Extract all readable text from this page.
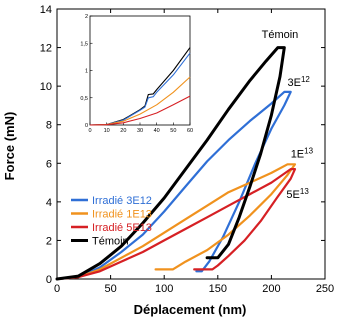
0	50	100	150	200	250
0
2
4
6
8
10
12
14
0 10 20 30 40 50 60
0
0,5
1
1,5
2
Témoin
$3E^{12}$
$1E^{13}$
$5E^{13}$
Irradié 3E12
Irradié 1E13
Irradié 5E13
Témoin
Déplacement (nm)
Force (mN)
